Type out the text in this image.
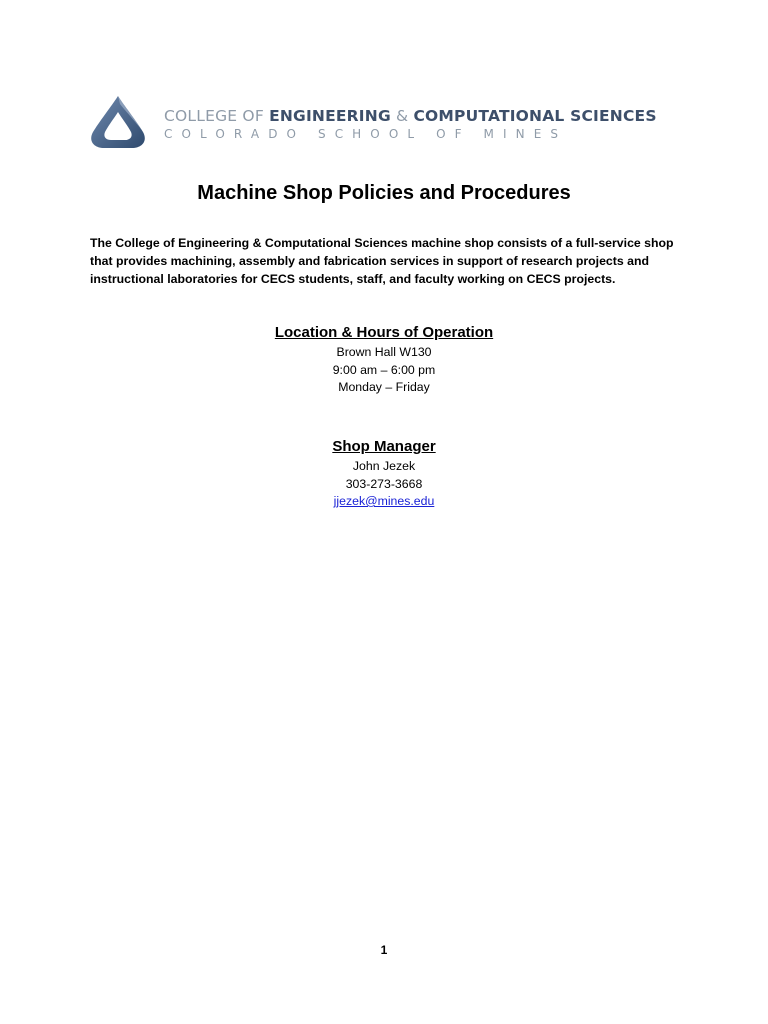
COLLEGE OF ENGINEERING & COMPUTATIONAL SCIENCES
COLORADO SCHOOL OF MINES
Machine Shop Policies and Procedures
The College of Engineering & Computational Sciences machine shop consists of a full-service shop that provides machining, assembly and fabrication services in support of research projects and instructional laboratories for CECS students, staff, and faculty working on CECS projects.
Location & Hours of Operation
Brown Hall W130
9:00 am – 6:00 pm
Monday – Friday
Shop Manager
John Jezek
303-273-3668
jjezek@mines.edu
1
